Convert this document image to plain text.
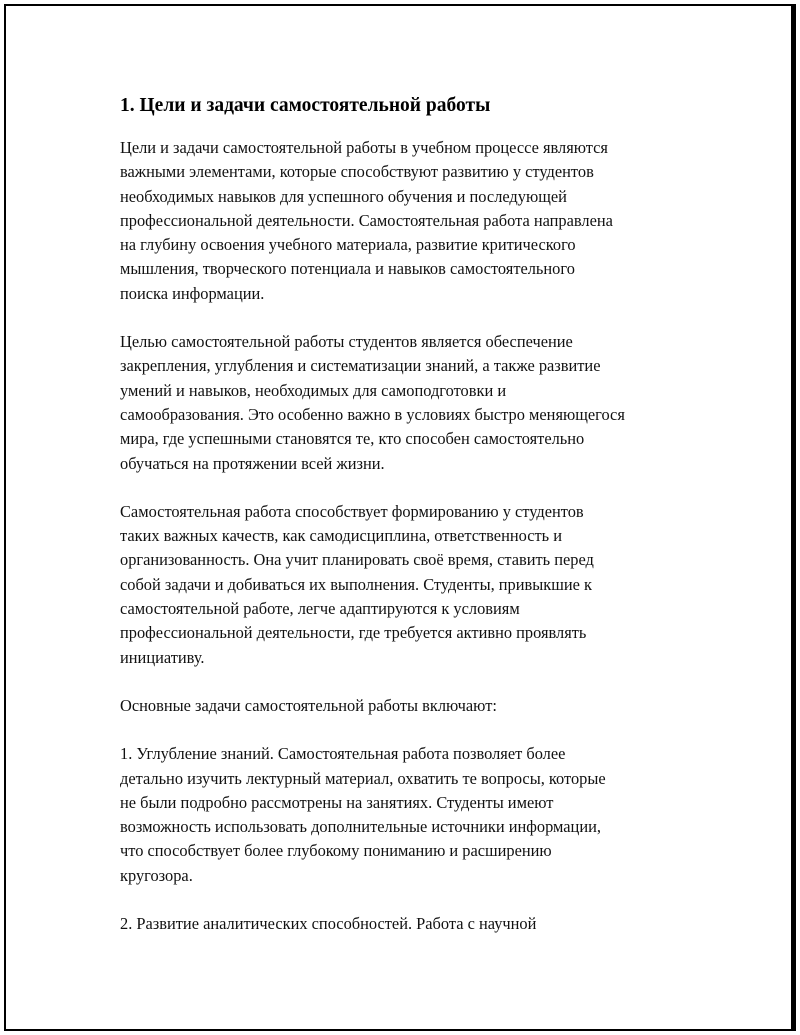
1. Цели и задачи самостоятельной работы

Цели и задачи самостоятельной работы в учебном процессе являются
важными элементами, которые способствуют развитию у студентов
необходимых навыков для успешного обучения и последующей
профессиональной деятельности. Самостоятельная работа направлена
на глубину освоения учебного материала, развитие критического
мышления, творческого потенциала и навыков самостоятельного
поиска информации.

Целью самостоятельной работы студентов является обеспечение
закрепления, углубления и систематизации знаний, а также развитие
умений и навыков, необходимых для самоподготовки и
самообразования. Это особенно важно в условиях быстро меняющегося
мира, где успешными становятся те, кто способен самостоятельно
обучаться на протяжении всей жизни.

Самостоятельная работа способствует формированию у студентов
таких важных качеств, как самодисциплина, ответственность и
организованность. Она учит планировать своё время, ставить перед
собой задачи и добиваться их выполнения. Студенты, привыкшие к
самостоятельной работе, легче адаптируются к условиям
профессиональной деятельности, где требуется активно проявлять
инициативу.

Основные задачи самостоятельной работы включают:

1. Углубление знаний. Самостоятельная работа позволяет более
детально изучить лектурный материал, охватить те вопросы, которые
не были подробно рассмотрены на занятиях. Студенты имеют
возможность использовать дополнительные источники информации,
что способствует более глубокому пониманию и расширению
кругозора.

2. Развитие аналитических способностей. Работа с научной
